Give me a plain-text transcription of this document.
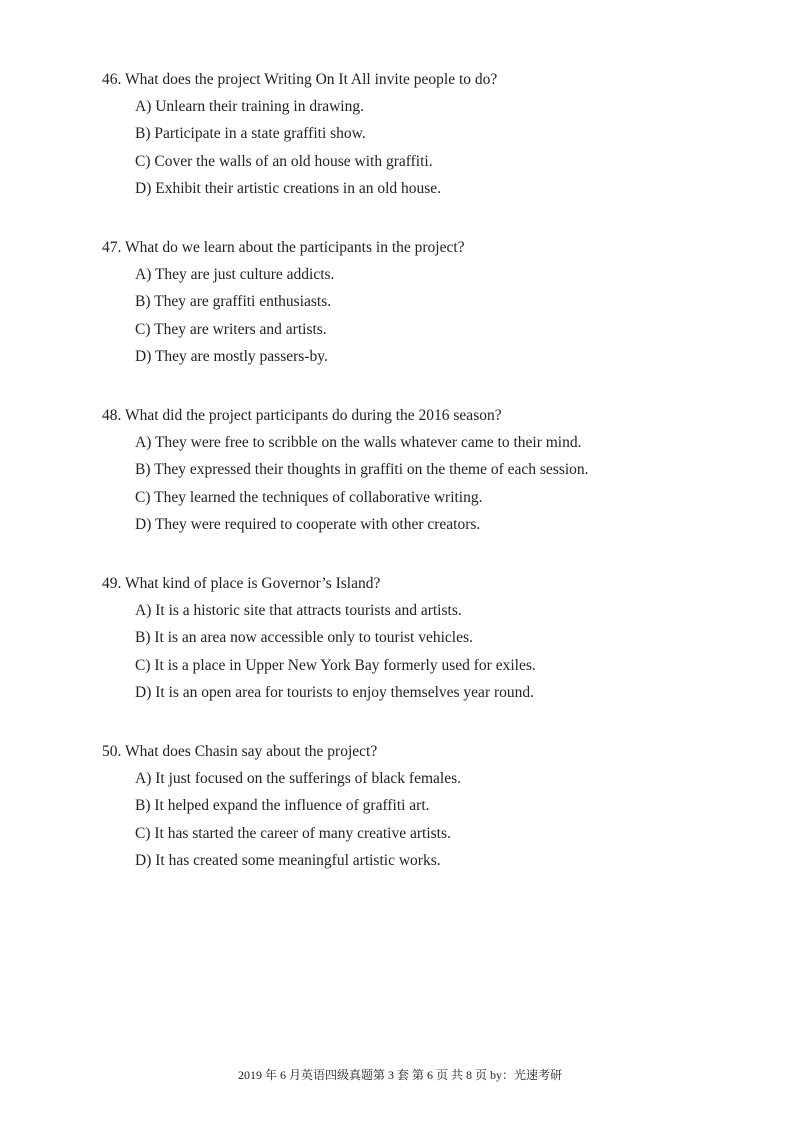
46. What does the project Writing On It All invite people to do?
A) Unlearn their training in drawing.
B) Participate in a state graffiti show.
C) Cover the walls of an old house with graffiti.
D) Exhibit their artistic creations in an old house.
47. What do we learn about the participants in the project?
A) They are just culture addicts.
B) They are graffiti enthusiasts.
C) They are writers and artists.
D) They are mostly passers-by.
48. What did the project participants do during the 2016 season?
A) They were free to scribble on the walls whatever came to their mind.
B) They expressed their thoughts in graffiti on the theme of each session.
C) They learned the techniques of collaborative writing.
D) They were required to cooperate with other creators.
49. What kind of place is Governor’s Island?
A) It is a historic site that attracts tourists and artists.
B) It is an area now accessible only to tourist vehicles.
C) It is a place in Upper New York Bay formerly used for exiles.
D) It is an open area for tourists to enjoy themselves year round.
50. What does Chasin say about the project?
A) It just focused on the sufferings of black females.
B) It helped expand the influence of graffiti art.
C) It has started the career of many creative artists.
D) It has created some meaningful artistic works.
2019 年 6 月英语四级真题第 3 套 第 6 页 共 8 页 by：光速考研
